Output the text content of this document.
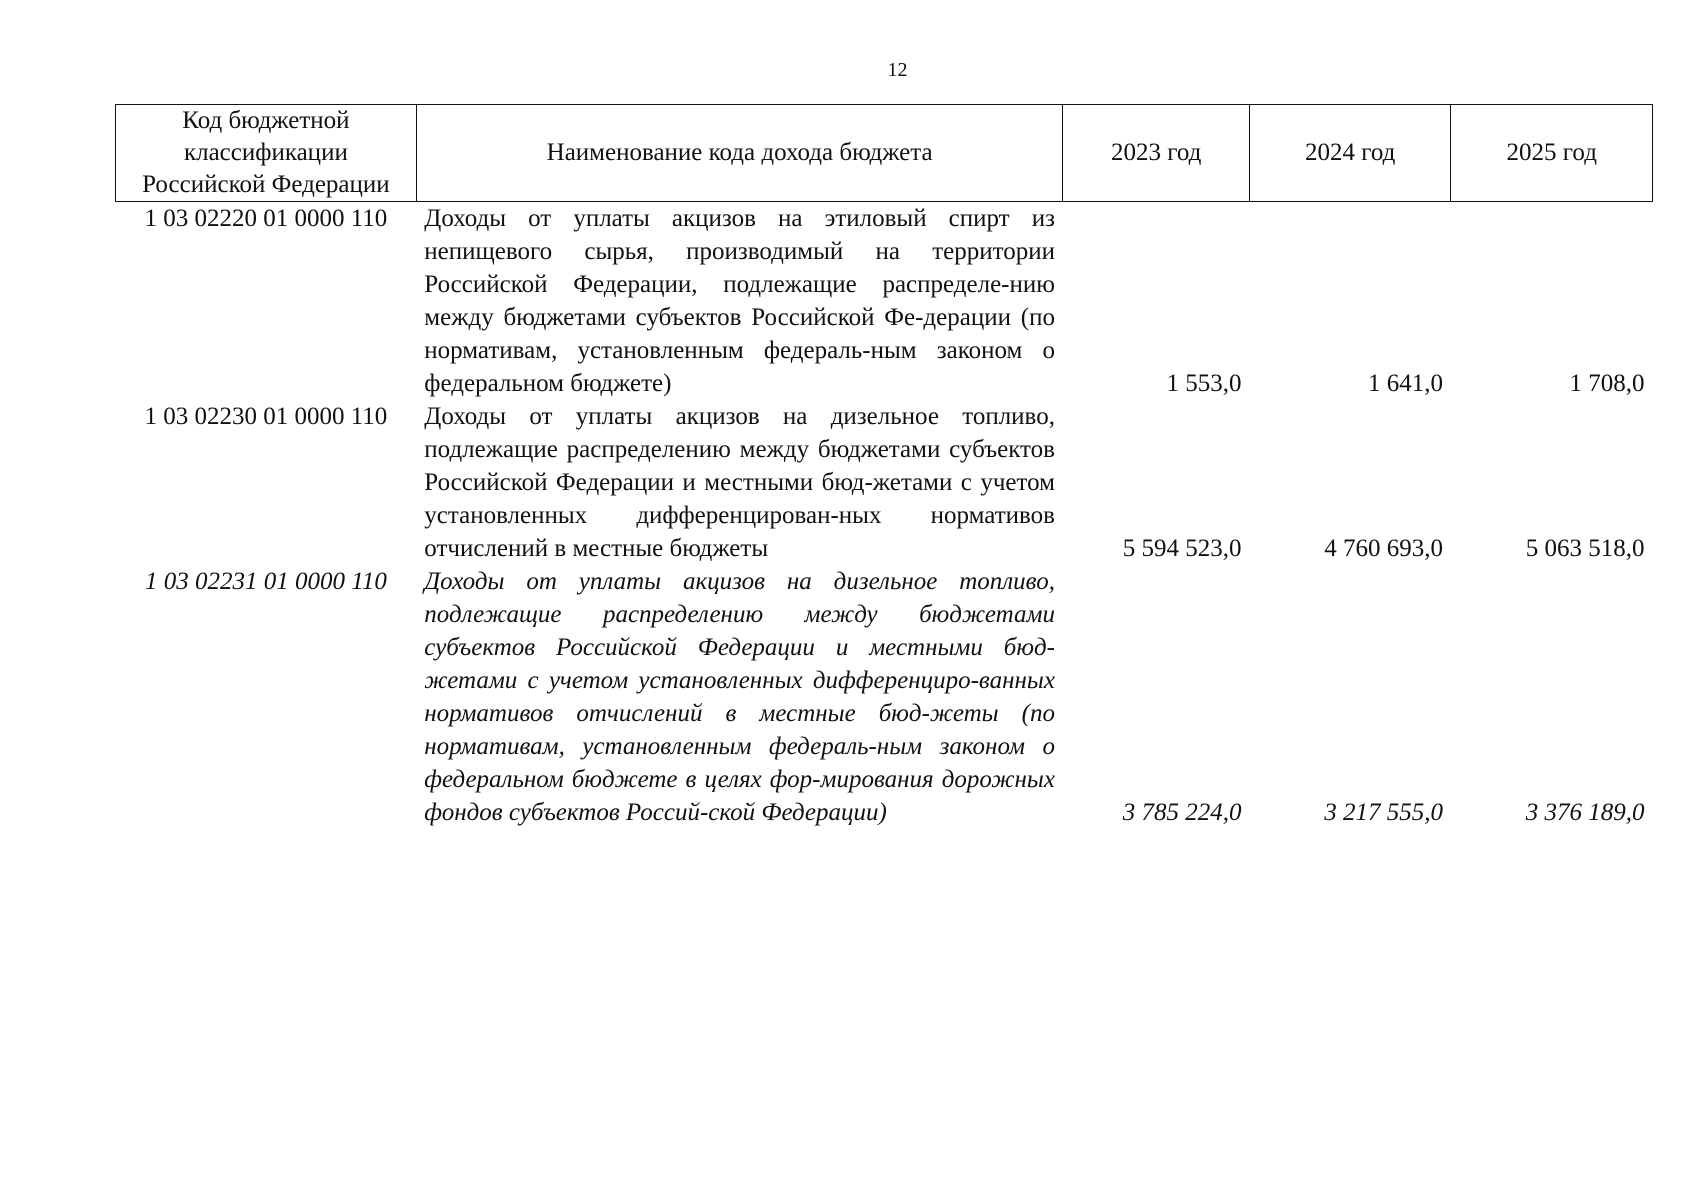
12
Код бюджетной классификации Российской Федерации	Наименование кода дохода бюджета	2023 год	2024 год	2025 год
1 03 02220 01 0000 110	Доходы от уплаты акцизов на этиловый спирт из непищевого сырья, производимый на территории Российской Федерации, подлежащие распределе-нию между бюджетами субъектов Российской Фе-дерации (по нормативам, установленным федераль-ным законом о федеральном бюджете)	1 553,0	1 641,0	1 708,0
1 03 02230 01 0000 110	Доходы от уплаты акцизов на дизельное топливо, подлежащие распределению между бюджетами субъектов Российской Федерации и местными бюд-жетами с учетом установленных дифференцирован-ных нормативов отчислений в местные бюджеты	5 594 523,0	4 760 693,0	5 063 518,0
1 03 02231 01 0000 110	Доходы от уплаты акцизов на дизельное топливо, подлежащие распределению между бюджетами субъектов Российской Федерации и местными бюд-жетами с учетом установленных дифференциро-ванных нормативов отчислений в местные бюд-жеты (по нормативам, установленным федераль-ным законом о федеральном бюджете в целях фор-мирования дорожных фондов субъектов Россий-ской Федерации)	3 785 224,0	3 217 555,0	3 376 189,0
